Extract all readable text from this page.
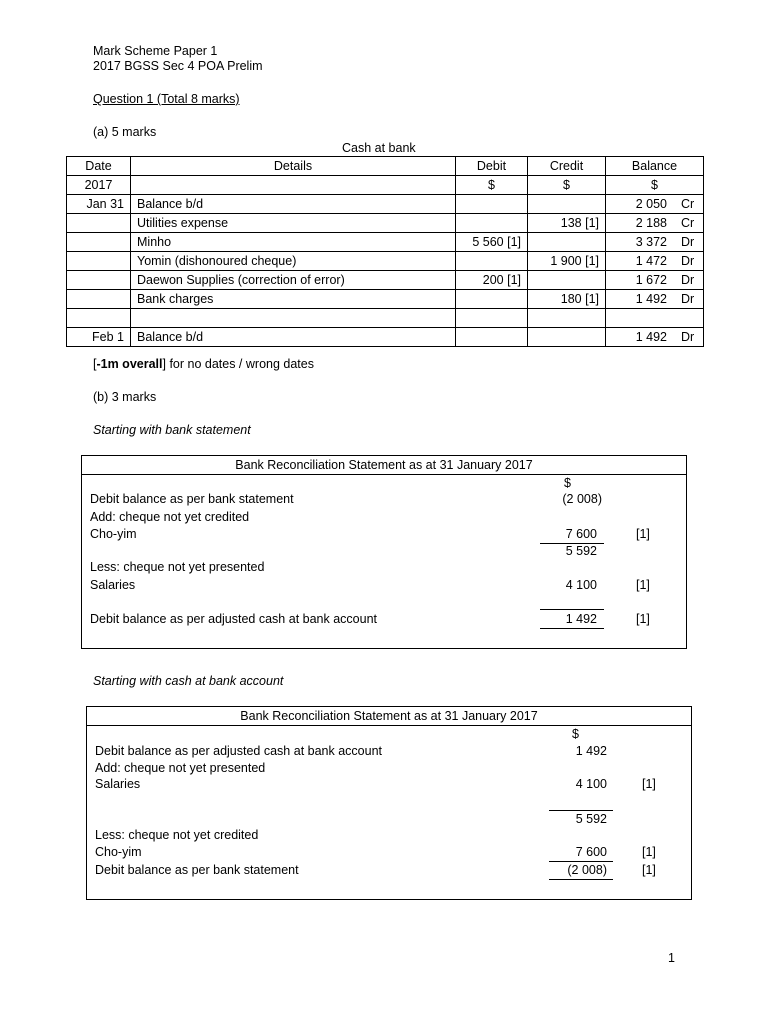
Mark Scheme Paper 1
2017 BGSS Sec 4 POA Prelim
Question 1 (Total 8 marks)
(a) 5 marks
Cash at bank
Date	Details	Debit	Credit	Balance
2017		$	$	$
Jan 31	Balance b/d			2 050 Cr

	Utilities expense		138 [1]	2 188 Cr

	Minho	5 560 [1]		3 372 Dr

	Yomin (dishonoured cheque)		1 900 [1]	1 472 Dr

	Daewon Supplies (correction of error)	200 [1]		1 672 Dr

	Bank charges		180 [1]	1 492 Dr

Feb 1	Balance b/d			1 492 Dr
[-1m overall] for no dates / wrong dates
(b) 3 marks
Starting with bank statement
Bank Reconciliation Statement as at 31 January 2017
$
Debit balance as per bank statement	(2 008)
Add: cheque not yet credited
Cho-yim	7 600	[1]
5 592
Less: cheque not yet presented
Salaries	4 100	[1]
Debit balance as per adjusted cash at bank account	1 492	[1]
Starting with cash at bank account
Bank Reconciliation Statement as at 31 January 2017
$
Debit balance as per adjusted cash at bank account	1 492
Add: cheque not yet presented
Salaries	4 100	[1]
5 592
Less: cheque not yet credited
Cho-yim	7 600	[1]
Debit balance as per bank statement	(2 008)	[1]
1
